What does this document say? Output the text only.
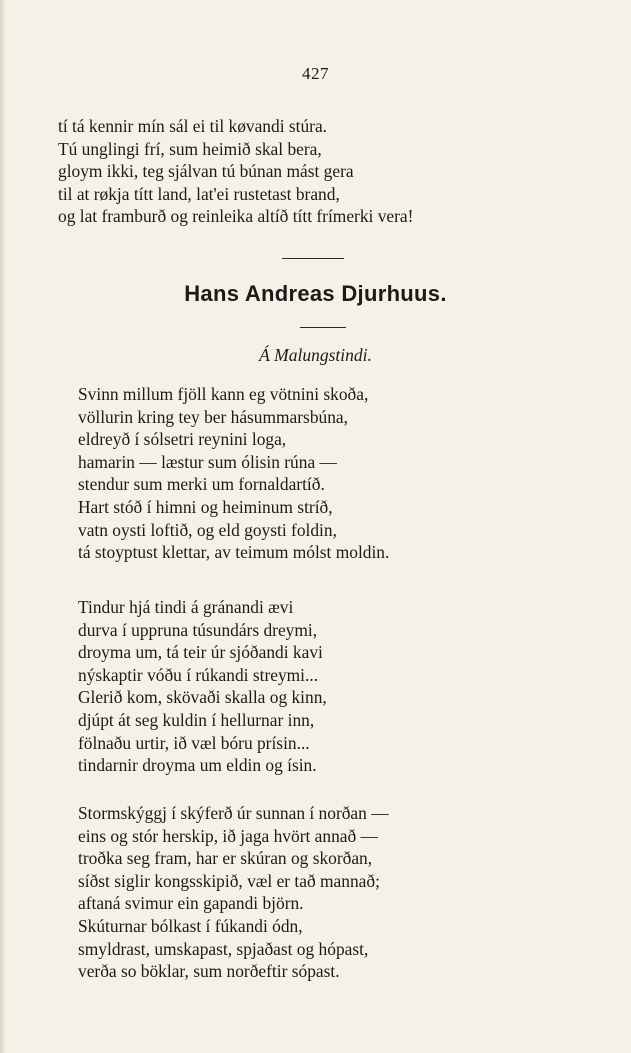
427
tí tá kennir mín sál ei til køvandi stúra.
Tú unglingi frí, sum heimið skal bera,
gloym ikki, teg sjálvan tú búnan mást gera
til at røkja títt land, lat'ei rustetast brand,
og lat framburð og reinleika altíð títt frímerki vera!
Hans Andreas Djurhuus.
Á Malungstindi.
Svinn millum fjöll kann eg vötnini skoða,
völlurin kring tey ber hásummarsbúna,
eldreyð í sólsetri reynini loga,
hamarin — læstur sum ólisin rúna —
stendur sum merki um fornaldartíð.
Hart stóð í himni og heiminum stríð,
vatn oysti loftið, og eld goysti foldin,
tá stoyptust klettar, av teimum mólst moldin.
Tindur hjá tindi á gránandi ævi
durva í uppruna túsundárs dreymi,
droyma um, tá teir úr sjóðandi kavi
nýskaptir vóðu í rúkandi streymi...
Glerið kom, skövaði skalla og kinn,
djúpt át seg kuldin í hellurnar inn,
fölnaðu urtir, ið væl bóru prísin...
tindarnir droyma um eldin og ísin.
Stormskýggj í skýferð úr sunnan í norðan —
eins og stór herskip, ið jaga hvört annað —
troðka seg fram, har er skúran og skorðan,
síðst siglir kongsskipið, væl er tað mannað;
aftaná svimur ein gapandi björn.
Skúturnar bólkast í fúkandi ódn,
smyldrast, umskapast, spjaðast og hópast,
verða so böklar, sum norðeftir sópast.
